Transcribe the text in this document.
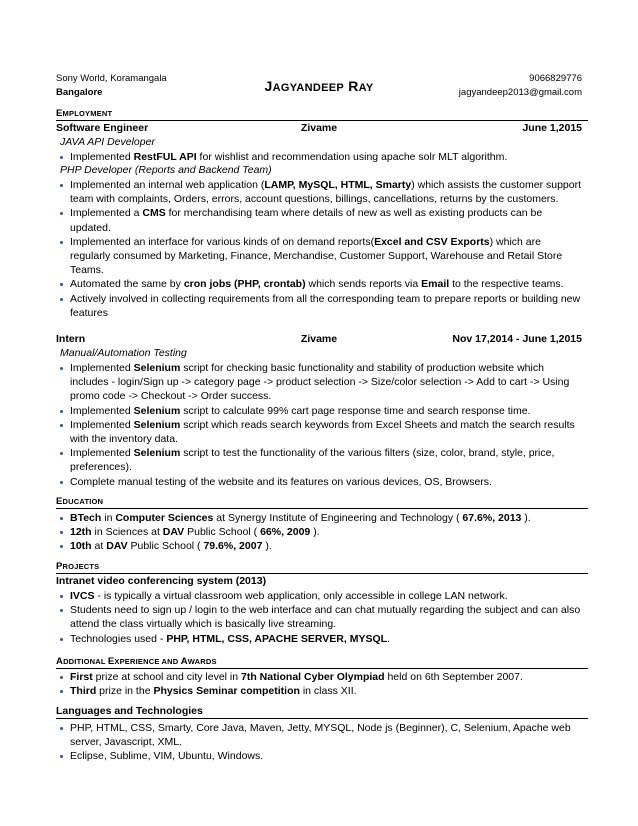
Sony World, Koramangala
Bangalore	JAGYANDEEP RAY
9066829776
jagyandeep2013@gmail.com
EMPLOYMENT
Software Engineer	Zivame	June 1,2015
JAVA API Developer
Implemented RestFUL API for wishlist and recommendation using apache solr MLT algorithm.
PHP Developer (Reports and Backend Team)
Implemented an internal web application (LAMP, MySQL, HTML, Smarty) which assists the customer support team with complaints, Orders, errors, account questions, billings, cancellations, returns by the customers.
Implemented a CMS for merchandising team where details of new as well as existing products can be updated.
Implemented an interface for various kinds of on demand reports(Excel and CSV Exports) which are regularly consumed by Marketing, Finance, Merchandise, Customer Support, Warehouse and Retail Store Teams.
Automated the same by cron jobs (PHP, crontab) which sends reports via Email to the respective teams.
Actively involved in collecting requirements from all the corresponding team to prepare reports or building new features
Intern	Zivame	Nov 17,2014 - June 1,2015
Manual/Automation Testing
Implemented Selenium script for checking basic functionality and stability of production website which includes - login/Sign up -> category page -> product selection -> Size/color selection -> Add to cart -> Using promo code -> Checkout -> Order success.
Implemented Selenium script to calculate 99% cart page response time and search response time.
Implemented Selenium script which reads search keywords from Excel Sheets and match the search results with the inventory data.
Implemented Selenium script to test the functionality of the various filters (size, color, brand, style, price, preferences).
Complete manual testing of the website and its features on various devices, OS, Browsers.
EDUCATION
BTech in Computer Sciences at Synergy Institute of Engineering and Technology ( 67.6%, 2013 ).
12th in Sciences at DAV Public School ( 66%, 2009 ).
10th at DAV Public School ( 79.6%, 2007 ).
PROJECTS
Intranet video conferencing system (2013)
IVCS - is typically a virtual classroom web application, only accessible in college LAN network.
Students need to sign up / login to the web interface and can chat mutually regarding the subject and can also attend the class virtually which is basically live streaming.
Technologies used - PHP, HTML, CSS, APACHE SERVER, MYSQL.
ADDITIONAL EXPERIENCE AND AWARDS
First prize at school and city level in 7th National Cyber Olympiad held on 6th September 2007.
Third prize in the Physics Seminar competition in class XII.
Languages and Technologies
PHP, HTML, CSS, Smarty, Core Java, Maven, Jetty, MYSQL, Node js (Beginner), C, Selenium, Apache web server, Javascript, XML.
Eclipse, Sublime, VIM, Ubuntu, Windows.
